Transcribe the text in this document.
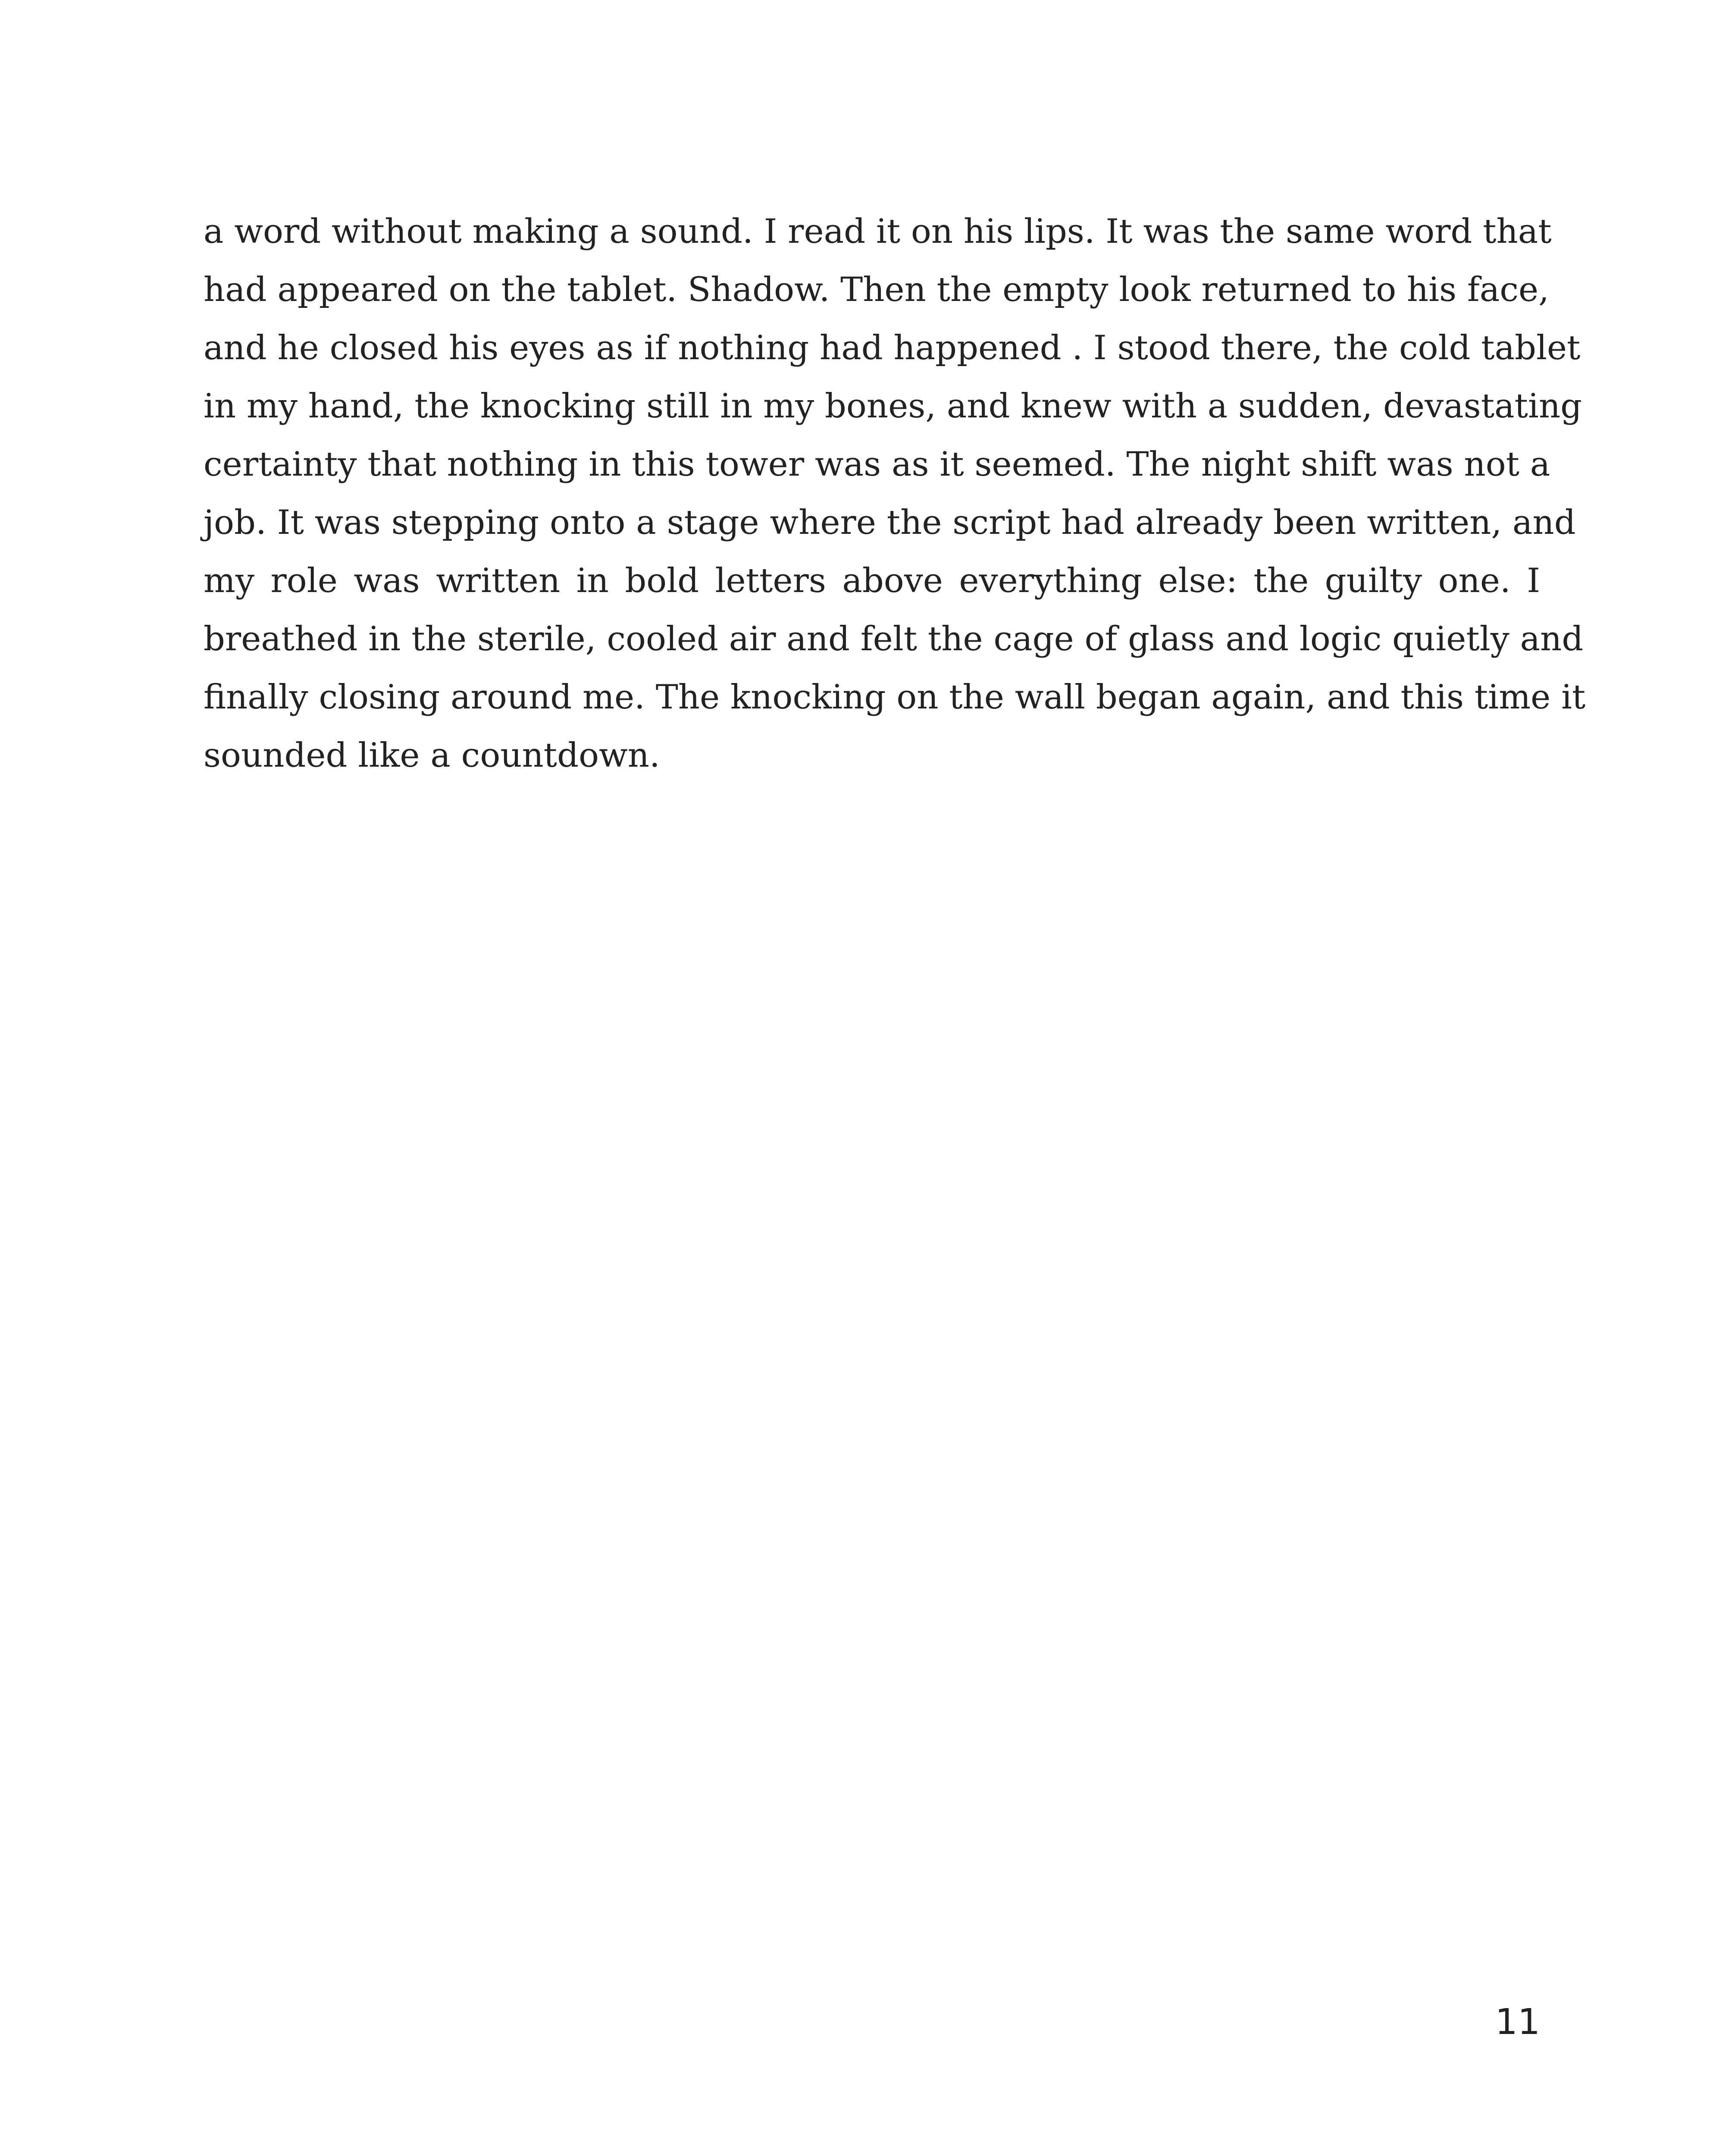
a word without making a sound. I read it on his lips. It was the same word that
had appeared on the tablet. Shadow. Then the empty look returned to his face,
and he closed his eyes as if nothing had happened . I stood there, the cold tablet
in my hand, the knocking still in my bones, and knew with a sudden, devastating
certainty that nothing in this tower was as it seemed. The night shift was not a
job. It was stepping onto a stage where the script had already been written, and
my role was written in bold letters above everything else: the guilty one. I
breathed in the sterile, cooled air and felt the cage of glass and logic quietly and
finally closing around me. The knocking on the wall began again, and this time it
sounded like a countdown.
11
